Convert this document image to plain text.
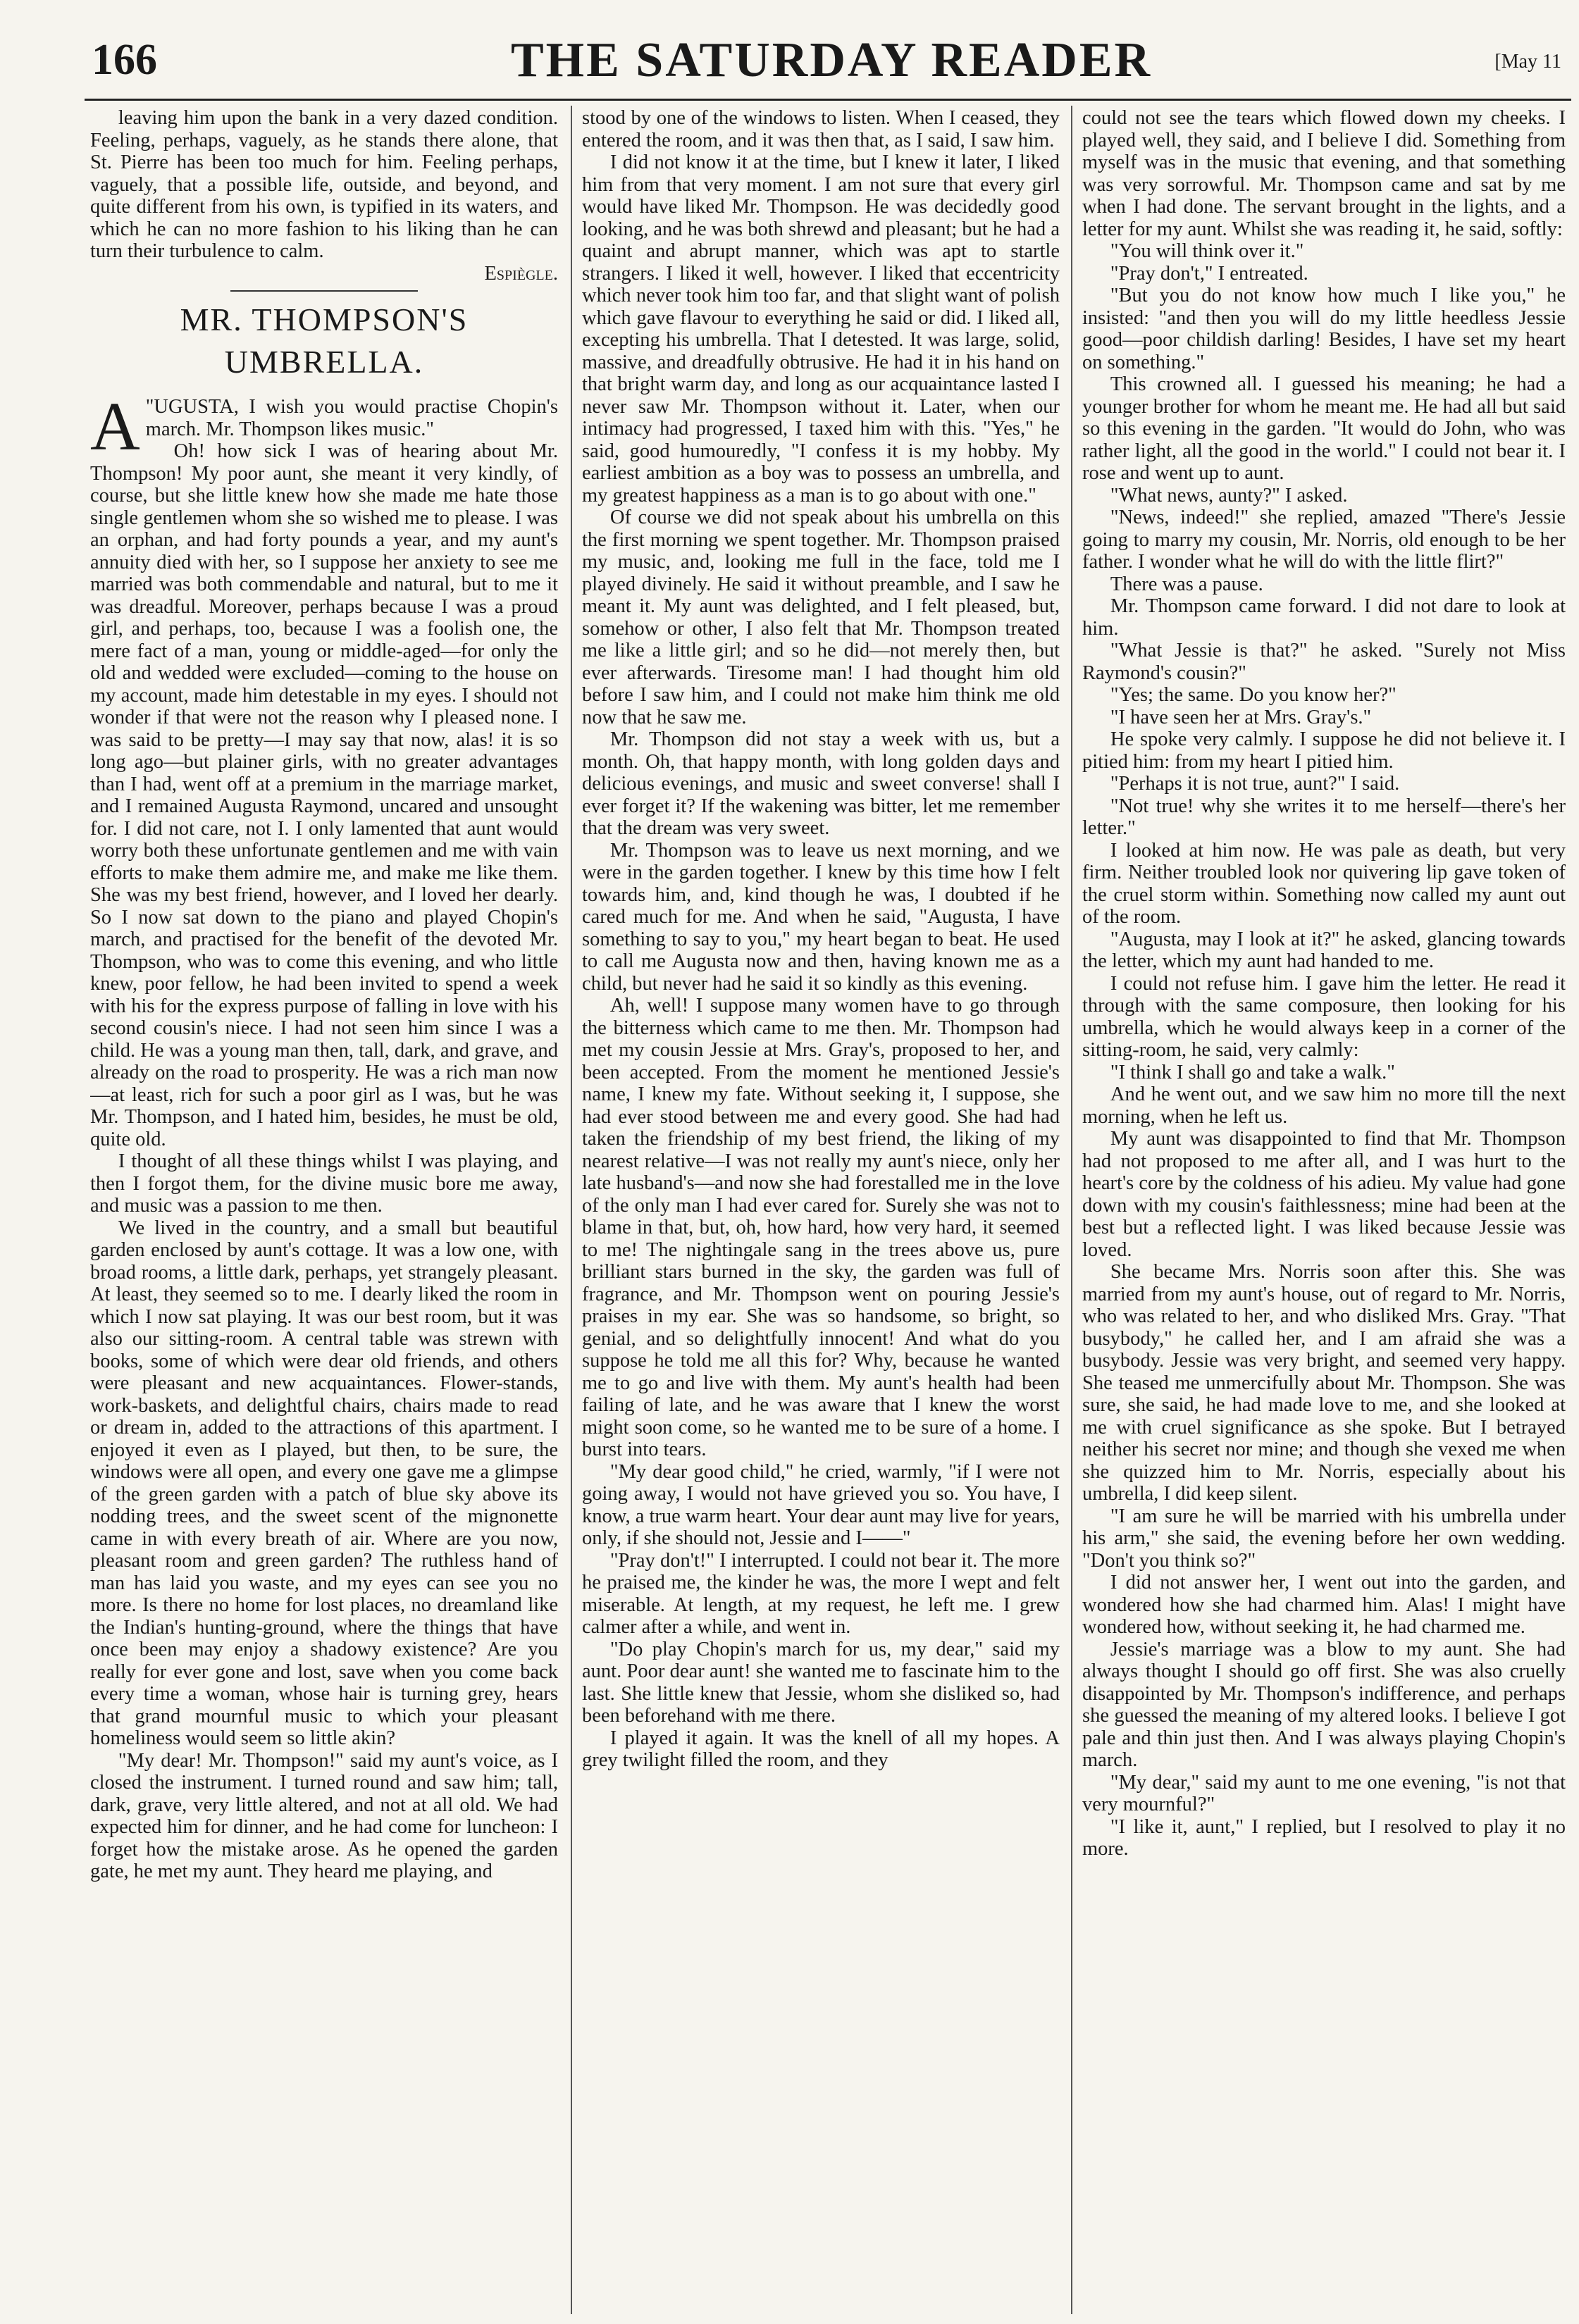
166	THE SATURDAY READER	[May 11

leaving him upon the bank in a very dazed condition. Feeling, perhaps, vaguely, as he stands there alone, that St. Pierre has been too much for him. Feeling perhaps, vaguely, that a possible life, outside, and beyond, and quite different from his own, is typified in its waters, and which he can no more fashion to his liking than he can turn their turbulence to calm.

Espiègle.

MR. THOMPSON'S UMBRELLA.

"
A UGUSTA, I wish you would practise Chopin's march. Mr. Thompson likes music."

Oh! how sick I was of hearing about Mr. Thompson! My poor aunt, she meant it very kindly, of course, but she little knew how she made me hate those single gentlemen whom she so wished me to please. I was an orphan, and had forty pounds a year, and my aunt's annuity died with her, so I suppose her anxiety to see me married was both commendable and natural, but to me it was dreadful. Moreover, perhaps because I was a proud girl, and perhaps, too, because I was a foolish one, the mere fact of a man, young or middle-aged—for only the old and wedded were excluded—coming to the house on my account, made him detestable in my eyes. I should not wonder if that were not the reason why I pleased none. I was said to be pretty—I may say that now, alas! it is so long ago—but plainer girls, with no greater advantages than I had, went off at a premium in the marriage market, and I remained Augusta Raymond, uncared and unsought for. I did not care, not I. I only lamented that aunt would worry both these unfortunate gentlemen and me with vain efforts to make them admire me, and make me like them. She was my best friend, however, and I loved her dearly. So I now sat down to the piano and played Chopin's march, and practised for the benefit of the devoted Mr. Thompson, who was to come this evening, and who little knew, poor fellow, he had been invited to spend a week with his for the express purpose of falling in love with his second cousin's niece. I had not seen him since I was a child. He was a young man then, tall, dark, and grave, and already on the road to prosperity. He was a rich man now—at least, rich for such a poor girl as I was, but he was Mr. Thompson, and I hated him, besides, he must be old, quite old.

I thought of all these things whilst I was playing, and then I forgot them, for the divine music bore me away, and music was a passion to me then.

We lived in the country, and a small but beautiful garden enclosed by aunt's cottage. It was a low one, with broad rooms, a little dark, perhaps, yet strangely pleasant. At least, they seemed so to me. I dearly liked the room in which I now sat playing. It was our best room, but it was also our sitting-room. A central table was strewn with books, some of which were dear old friends, and others were pleasant and new acquaintances. Flower-stands, work-baskets, and delightful chairs, chairs made to read or dream in, added to the attractions of this apartment. I enjoyed it even as I played, but then, to be sure, the windows were all open, and every one gave me a glimpse of the green garden with a patch of blue sky above its nodding trees, and the sweet scent of the mignonette came in with every breath of air. Where are you now, pleasant room and green garden? The ruthless hand of man has laid you waste, and my eyes can see you no more. Is there no home for lost places, no dreamland like the Indian's hunting-ground, where the things that have once been may enjoy a shadowy existence? Are you really for ever gone and lost, save when you come back every time a woman, whose hair is turning grey, hears that grand mournful music to which your pleasant homeliness would seem so little akin?

"My dear! Mr. Thompson!" said my aunt's voice, as I closed the instrument. I turned round and saw him; tall, dark, grave, very little altered, and not at all old. We had expected him for dinner, and he had come for luncheon: I forget how the mistake arose. As he opened the garden gate, he met my aunt. They heard me playing, and

stood by one of the windows to listen. When I ceased, they entered the room, and it was then that, as I said, I saw him.

I did not know it at the time, but I knew it later, I liked him from that very moment. I am not sure that every girl would have liked Mr. Thompson. He was decidedly good looking, and he was both shrewd and pleasant; but he had a quaint and abrupt manner, which was apt to startle strangers. I liked it well, however. I liked that eccentricity which never took him too far, and that slight want of polish which gave flavour to everything he said or did. I liked all, excepting his umbrella. That I detested. It was large, solid, massive, and dreadfully obtrusive. He had it in his hand on that bright warm day, and long as our acquaintance lasted I never saw Mr. Thompson without it. Later, when our intimacy had progressed, I taxed him with this. "Yes," he said, good humouredly, "I confess it is my hobby. My earliest ambition as a boy was to possess an umbrella, and my greatest happiness as a man is to go about with one."

Of course we did not speak about his umbrella on this the first morning we spent together. Mr. Thompson praised my music, and, looking me full in the face, told me I played divinely. He said it without preamble, and I saw he meant it. My aunt was delighted, and I felt pleased, but, somehow or other, I also felt that Mr. Thompson treated me like a little girl; and so he did—not merely then, but ever afterwards. Tiresome man! I had thought him old before I saw him, and I could not make him think me old now that he saw me.

Mr. Thompson did not stay a week with us, but a month. Oh, that happy month, with long golden days and delicious evenings, and music and sweet converse! shall I ever forget it? If the wakening was bitter, let me remember that the dream was very sweet.

Mr. Thompson was to leave us next morning, and we were in the garden together. I knew by this time how I felt towards him, and, kind though he was, I doubted if he cared much for me. And when he said, "Augusta, I have something to say to you," my heart began to beat. He used to call me Augusta now and then, having known me as a child, but never had he said it so kindly as this evening.

Ah, well! I suppose many women have to go through the bitterness which came to me then. Mr. Thompson had met my cousin Jessie at Mrs. Gray's, proposed to her, and been accepted. From the moment he mentioned Jessie's name, I knew my fate. Without seeking it, I suppose, she had ever stood between me and every good. She had had taken the friendship of my best friend, the liking of my nearest relative—I was not really my aunt's niece, only her late husband's—and now she had forestalled me in the love of the only man I had ever cared for. Surely she was not to blame in that, but, oh, how hard, how very hard, it seemed to me! The nightingale sang in the trees above us, pure brilliant stars burned in the sky, the garden was full of fragrance, and Mr. Thompson went on pouring Jessie's praises in my ear. She was so handsome, so bright, so genial, and so delightfully innocent! And what do you suppose he told me all this for? Why, because he wanted me to go and live with them. My aunt's health had been failing of late, and he was aware that I knew the worst might soon come, so he wanted me to be sure of a home. I burst into tears.

"My dear good child," he cried, warmly, "if I were not going away, I would not have grieved you so. You have, I know, a true warm heart. Your dear aunt may live for years, only, if she should not, Jessie and I——"

"Pray don't!" I interrupted. I could not bear it. The more he praised me, the kinder he was, the more I wept and felt miserable. At length, at my request, he left me. I grew calmer after a while, and went in.

"Do play Chopin's march for us, my dear," said my aunt. Poor dear aunt! she wanted me to fascinate him to the last. She little knew that Jessie, whom she disliked so, had been beforehand with me there.

I played it again. It was the knell of all my hopes. A grey twilight filled the room, and they

could not see the tears which flowed down my cheeks. I played well, they said, and I believe I did. Something from myself was in the music that evening, and that something was very sorrowful. Mr. Thompson came and sat by me when I had done. The servant brought in the lights, and a letter for my aunt. Whilst she was reading it, he said, softly:

"You will think over it."

"Pray don't," I entreated.

"But you do not know how much I like you," he insisted: "and then you will do my little heedless Jessie good—poor childish darling! Besides, I have set my heart on something."

This crowned all. I guessed his meaning; he had a younger brother for whom he meant me. He had all but said so this evening in the garden. "It would do John, who was rather light, all the good in the world." I could not bear it. I rose and went up to aunt.

"What news, aunty?" I asked.

"News, indeed!" she replied, amazed "There's Jessie going to marry my cousin, Mr. Norris, old enough to be her father. I wonder what he will do with the little flirt?"

There was a pause.

Mr. Thompson came forward. I did not dare to look at him.

"What Jessie is that?" he asked. "Surely not Miss Raymond's cousin?"

"Yes; the same. Do you know her?"

"I have seen her at Mrs. Gray's."

He spoke very calmly. I suppose he did not believe it. I pitied him: from my heart I pitied him.

"Perhaps it is not true, aunt?" I said.

"Not true! why she writes it to me herself—there's her letter."

I looked at him now. He was pale as death, but very firm. Neither troubled look nor quivering lip gave token of the cruel storm within. Something now called my aunt out of the room.

"Augusta, may I look at it?" he asked, glancing towards the letter, which my aunt had handed to me.

I could not refuse him. I gave him the letter. He read it through with the same composure, then looking for his umbrella, which he would always keep in a corner of the sitting-room, he said, very calmly:

"I think I shall go and take a walk."

And he went out, and we saw him no more till the next morning, when he left us.

My aunt was disappointed to find that Mr. Thompson had not proposed to me after all, and I was hurt to the heart's core by the coldness of his adieu. My value had gone down with my cousin's faithlessness; mine had been at the best but a reflected light. I was liked because Jessie was loved.

She became Mrs. Norris soon after this. She was married from my aunt's house, out of regard to Mr. Norris, who was related to her, and who disliked Mrs. Gray. "That busybody," he called her, and I am afraid she was a busybody. Jessie was very bright, and seemed very happy. She teased me unmercifully about Mr. Thompson. She was sure, she said, he had made love to me, and she looked at me with cruel significance as she spoke. But I betrayed neither his secret nor mine; and though she vexed me when she quizzed him to Mr. Norris, especially about his umbrella, I did keep silent.

"I am sure he will be married with his umbrella under his arm," she said, the evening before her own wedding. "Don't you think so?"

I did not answer her, I went out into the garden, and wondered how she had charmed him. Alas! I might have wondered how, without seeking it, he had charmed me.

Jessie's marriage was a blow to my aunt. She had always thought I should go off first. She was also cruelly disappointed by Mr. Thompson's indifference, and perhaps she guessed the meaning of my altered looks. I believe I got pale and thin just then. And I was always playing Chopin's march.

"My dear," said my aunt to me one evening, "is not that very mournful?"

"I like it, aunt," I replied, but I resolved to play it no more.
